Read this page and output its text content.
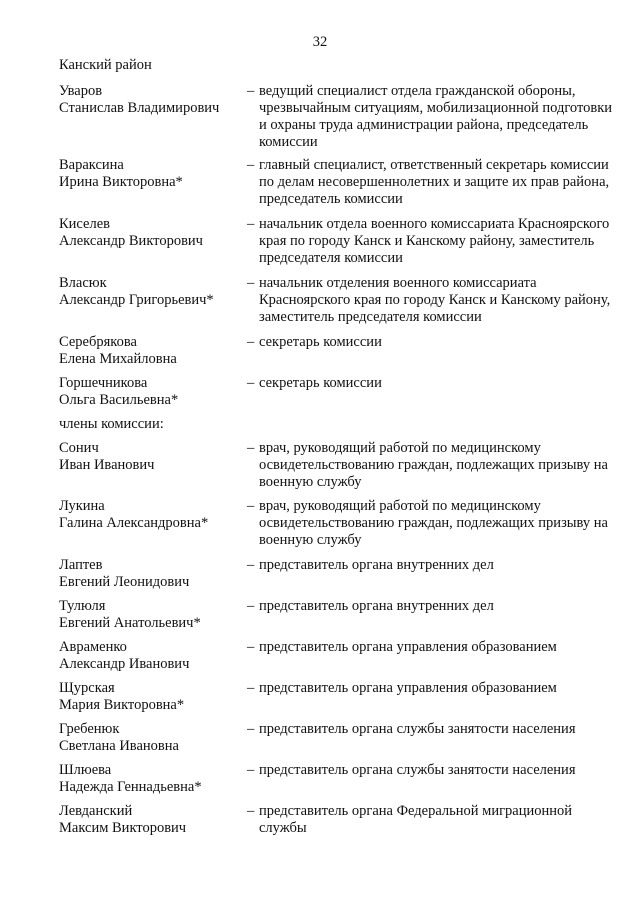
32
Канский район
Уваров
Станислав Владимирович
– ведущий специалист отдела гражданской обороны, чрезвычайным ситуациям, мобилизационной подготовки и охраны труда администрации района, председатель комиссии
Вараксина
Ирина Викторовна*
– главный специалист, ответственный секретарь комиссии по делам несовершеннолетних и защите их прав района, председатель комиссии
Киселев
Александр Викторович
– начальник отдела военного комиссариата Красноярского края по городу Канск и Канскому району, заместитель председателя комиссии
Власюк
Александр Григорьевич*
– начальник отделения военного комиссариата Красноярского края по городу Канск и Канскому району, заместитель председателя комиссии
Серебрякова
Елена Михайловна
– секретарь комиссии
Горшечникова
Ольга Васильевна*
– секретарь комиссии
члены комиссии:
Сонич
Иван Иванович
– врач, руководящий работой по медицинскому освидетельствованию граждан, подлежащих призыву на военную службу
Лукина
Галина Александровна*
– врач, руководящий работой по медицинскому освидетельствованию граждан, подлежащих призыву на военную службу
Лаптев
Евгений Леонидович
– представитель органа внутренних дел
Тулюля
Евгений Анатольевич*
– представитель органа внутренних дел
Авраменко
Александр Иванович
– представитель органа управления образованием
Щурская
Мария Викторовна*
– представитель органа управления образованием
Гребенюк
Светлана Ивановна
– представитель органа службы занятости населения
Шлюева
Надежда Геннадьевна*
– представитель органа службы занятости населения
Левданский
Максим Викторович
– представитель органа Федеральной миграционной службы
